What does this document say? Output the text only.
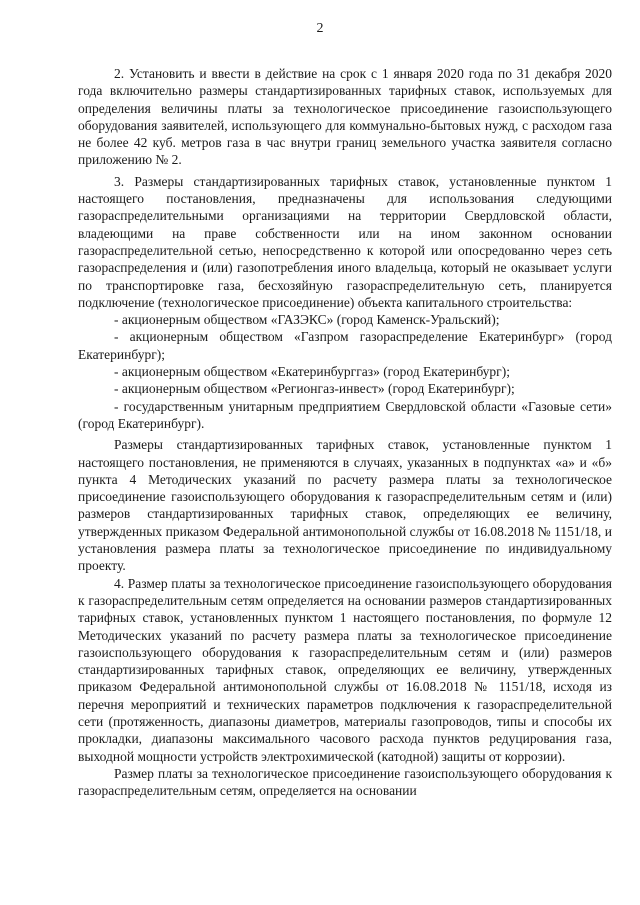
2

2. Установить и ввести в действие на срок с 1 января 2020 года по 31 декабря 2020 года включительно размеры стандартизированных тарифных ставок, используемых для определения величины платы за технологическое присоединение газоиспользующего оборудования заявителей, использующего для коммунально-бытовых нужд, с расходом газа не более 42 куб. метров газа в час внутри границ земельного участка заявителя согласно приложению № 2.

3. Размеры стандартизированных тарифных ставок, установленные пунктом 1 настоящего постановления, предназначены для использования следующими газораспределительными организациями на территории Свердловской области, владеющими на праве собственности или на ином законном основании газораспределительной сетью, непосредственно к которой или опосредованно через сеть газораспределения и (или) газопотребления иного владельца, который не оказывает услуги по транспортировке газа, бесхозяйную газораспределительную сеть, планируется подключение (технологическое присоединение) объекта капитального строительства:

- акционерным обществом «ГАЗЭКС» (город Каменск-Уральский);

- акционерным обществом «Газпром газораспределение Екатеринбург» (город Екатеринбург);

- акционерным обществом «Екатеринбурггаз» (город Екатеринбург);

- акционерным обществом «Регионгаз-инвест» (город Екатеринбург);

- государственным унитарным предприятием Свердловской области «Газовые сети» (город Екатеринбург).

Размеры стандартизированных тарифных ставок, установленные пунктом 1 настоящего постановления, не применяются в случаях, указанных в подпунктах «а» и «б» пункта 4 Методических указаний по расчету размера платы за технологическое присоединение газоиспользующего оборудования к газораспределительным сетям и (или) размеров стандартизированных тарифных ставок, определяющих ее величину, утвержденных приказом Федеральной антимонопольной службы от 16.08.2018 № 1151/18, и установления размера платы за технологическое присоединение по индивидуальному проекту.

4. Размер платы за технологическое присоединение газоиспользующего оборудования к газораспределительным сетям определяется на основании размеров стандартизированных тарифных ставок, установленных пунктом 1 настоящего постановления, по формуле 12 Методических указаний по расчету размера платы за технологическое присоединение газоиспользующего оборудования к газораспределительным сетям и (или) размеров стандартизированных тарифных ставок, определяющих ее величину, утвержденных приказом Федеральной антимонопольной службы от 16.08.2018 № 1151/18, исходя из перечня мероприятий и технических параметров подключения к газораспределительной сети (протяженность, диапазоны диаметров, материалы газопроводов, типы и способы их прокладки, диапазоны максимального часового расхода пунктов редуцирования газа, выходной мощности устройств электрохимической (катодной) защиты от коррозии).

Размер платы за технологическое присоединение газоиспользующего оборудования к газораспределительным сетям, определяется на основании
